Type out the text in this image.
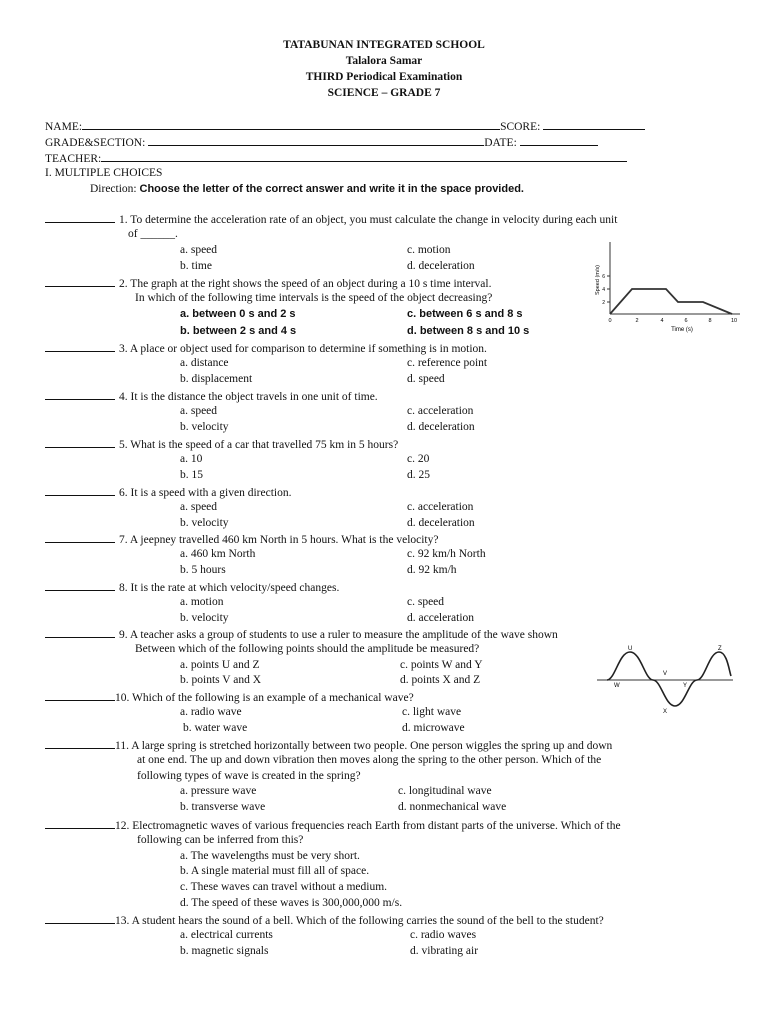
TATABUNAN INTEGRATED SCHOOL
Talalora Samar
THIRD Periodical Examination
SCIENCE – GRADE 7
NAME:	SCORE:
GRADE&SECTION:	DATE:
TEACHER:
I. MULTIPLE CHOICES
Direction: Choose the letter of the correct answer and write it in the space provided.
1. To determine the acceleration rate of an object, you must calculate the change in velocity during each unit
of ______.
a. speed	c. motion
b. time	d. deceleration
2. The graph at the right shows the speed of an object during a 10 s time interval.
In which of the following time intervals is the speed of the object decreasing?
a. between 0 s and 2 s	c. between 6 s and 8 s
b. between 2 s and 4 s	d. between 8 s and 10 s
2
4
6
0	2	4	6	8	10
Time (s)
Speed (m/s)
3. A place or object used for comparison to determine if something is in motion.
a. distance	c. reference point
b. displacement	d. speed
4. It is the distance the object travels in one unit of time.
a. speed	c. acceleration
b. velocity	d. deceleration
5. What is the speed of a car that travelled 75 km in 5 hours?
a. 10	c. 20
b. 15	d. 25
6. It is a speed with a given direction.
a. speed	c. acceleration
b. velocity	d. deceleration
7. A jeepney travelled 460 km North in 5 hours. What is the velocity?
a. 460 km North	c. 92 km/h North
b. 5 hours	d. 92 km/h
8. It is the rate at which velocity/speed changes.
a. motion	c. speed
b. velocity	d. acceleration
9. A teacher asks a group of students to use a ruler to measure the amplitude of the wave shown
Between which of the following points should the amplitude be measured?
a. points U and Z	c. points W and Y
b. points V and X	d. points X and Z
U	Z
V
W	Y
X
10. Which of the following is an example of a mechanical wave?
a. radio wave	c. light wave
b. water wave	d. microwave
11. A large spring is stretched horizontally between two people. One person wiggles the spring up and down
at one end. The up and down vibration then moves along the spring to the other person. Which of the
following types of wave is created in the spring?
a. pressure wave	c. longitudinal wave
b. transverse wave	d. nonmechanical wave
12. Electromagnetic waves of various frequencies reach Earth from distant parts of the universe. Which of the
following can be inferred from this?
a. The wavelengths must be very short.
b. A single material must fill all of space.
c. These waves can travel without a medium.
d. The speed of these waves is 300,000,000 m/s.
13. A student hears the sound of a bell. Which of the following carries the sound of the bell to the student?
a. electrical currents	c. radio waves
b. magnetic signals	d. vibrating air
